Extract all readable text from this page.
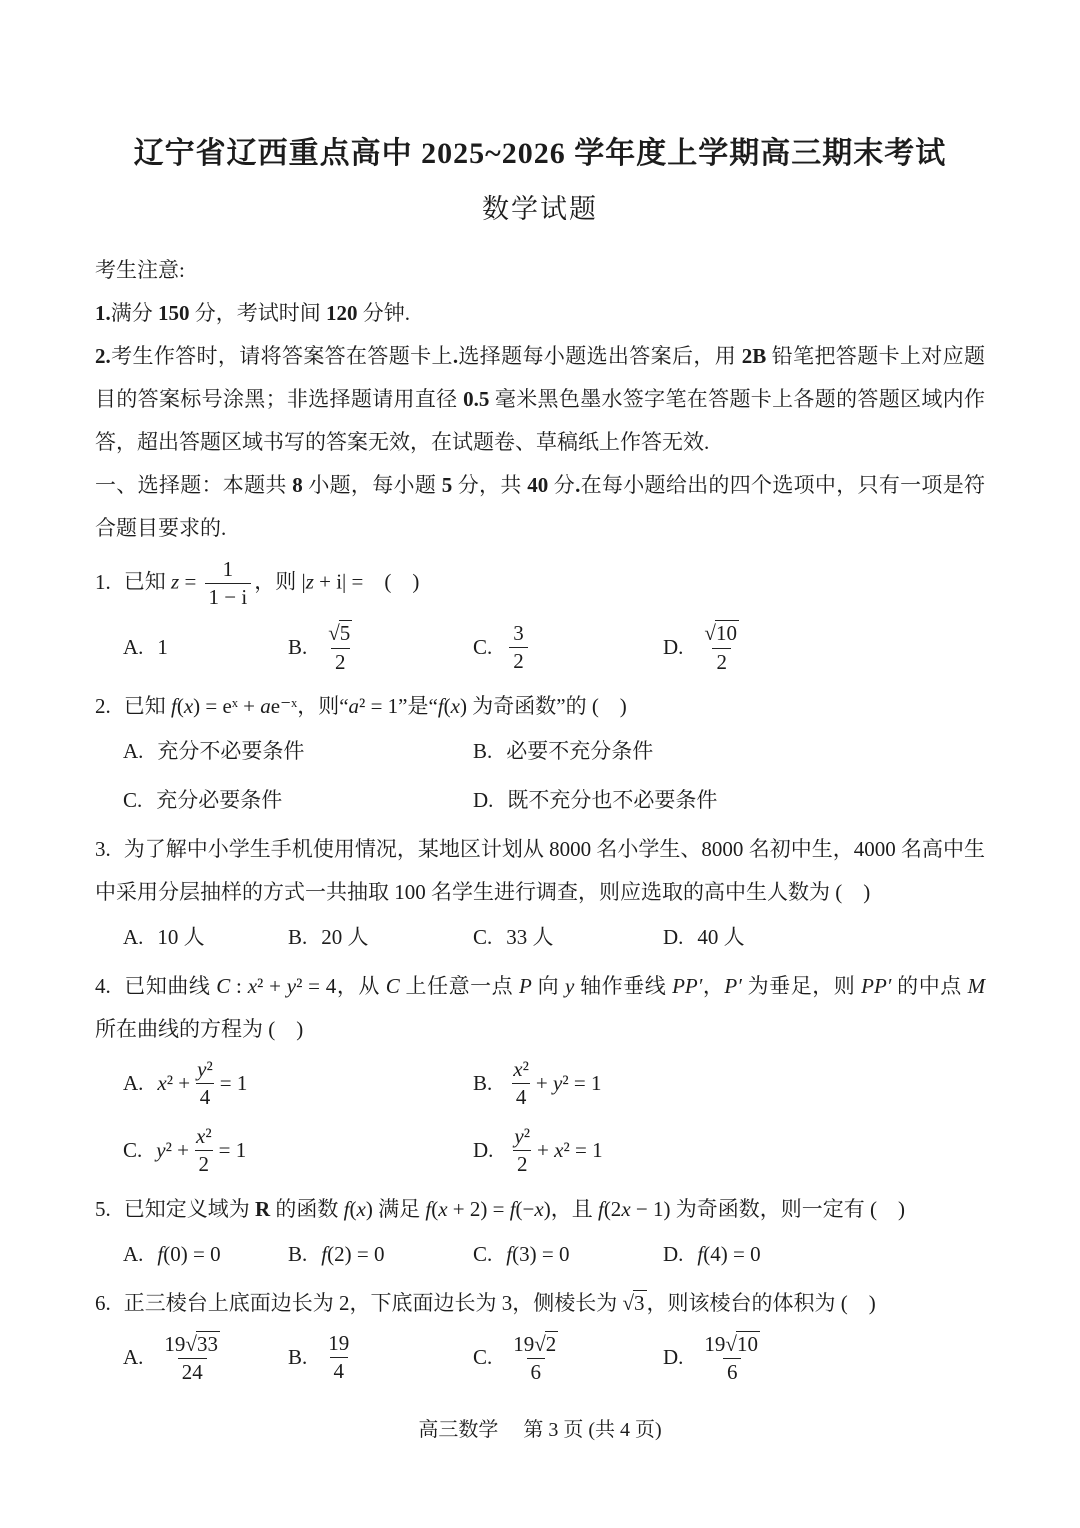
辽宁省辽西重点高中 2025~2026 学年度上学期高三期末考试
数学试题

考生注意:

1.满分 150 分，考试时间 120 分钟.

2.考生作答时，请将答案答在答题卡上.选择题每小题选出答案后，用 2B 铅笔把答题卡上对应题目的答案标号涂黑；非选择题请用直径 0.5 毫米黑色墨水签字笔在答题卡上各题的答题区域内作答，超出答题区域书写的答案无效，在试题卷、草稿纸上作答无效.

一、选择题：本题共 8 小题，每小题 5 分，共 40 分.在每小题给出的四个选项中，只有一项是符合题目要求的.

1. 已知 $z = \frac{1}{1 - i}$ ，则 |z + i| =　(　)

A. 1	B. $\frac{√5}{2}$	C. $\frac{3}{2}$	D. $\frac{√10}{2}$

2. 已知 f(x) = eˣ + ae⁻ˣ，则“a² = 1”是“f(x) 为奇函数”的 (　)

A. 充分不必要条件	B. 必要不充分条件
C. 充分必要条件	D. 既不充分也不必要条件

3. 为了解中小学生手机使用情况，某地区计划从 8000 名小学生、8000 名初中生，4000 名高中生中采用分层抽样的方式一共抽取 100 名学生进行调查，则应选取的高中生人数为 (　)

A. 10 人	B. 20 人	C. 33 人	D. 40 人

4. 已知曲线 C : x² + y² = 4，从 C 上任意一点 P 向 y 轴作垂线 PP′，P′ 为垂足，则 PP′ 的中点 M 所在曲线的方程为 (　)

A. $x^2 + \frac{\text{y²}}{4} = 1$	B. $\frac{\text{x²}}{4} + y^2 = 1$
C. $y^2 + \frac{\text{x²}}{2} = 1$	D. $\frac{\text{y²}}{2} + x^2 = 1$

5. 已知定义域为 R 的函数 f(x) 满足 f(x + 2) = f(−x)，且 f(2x − 1) 为奇函数，则一定有 (　)

A. f(0) = 0	B. f(2) = 0	C. f(3) = 0	D. f(4) = 0

6. 正三棱台上底面边长为 2，下底面边长为 3，侧棱长为 √3，则该棱台的体积为 (　)

A. $\frac{19√33}{24}$	B. $\frac{19}{4}$	C. $\frac{19√2}{6}$	D. $\frac{19√10}{6}$

高三数学　 第 3 页 (共 4 页)
